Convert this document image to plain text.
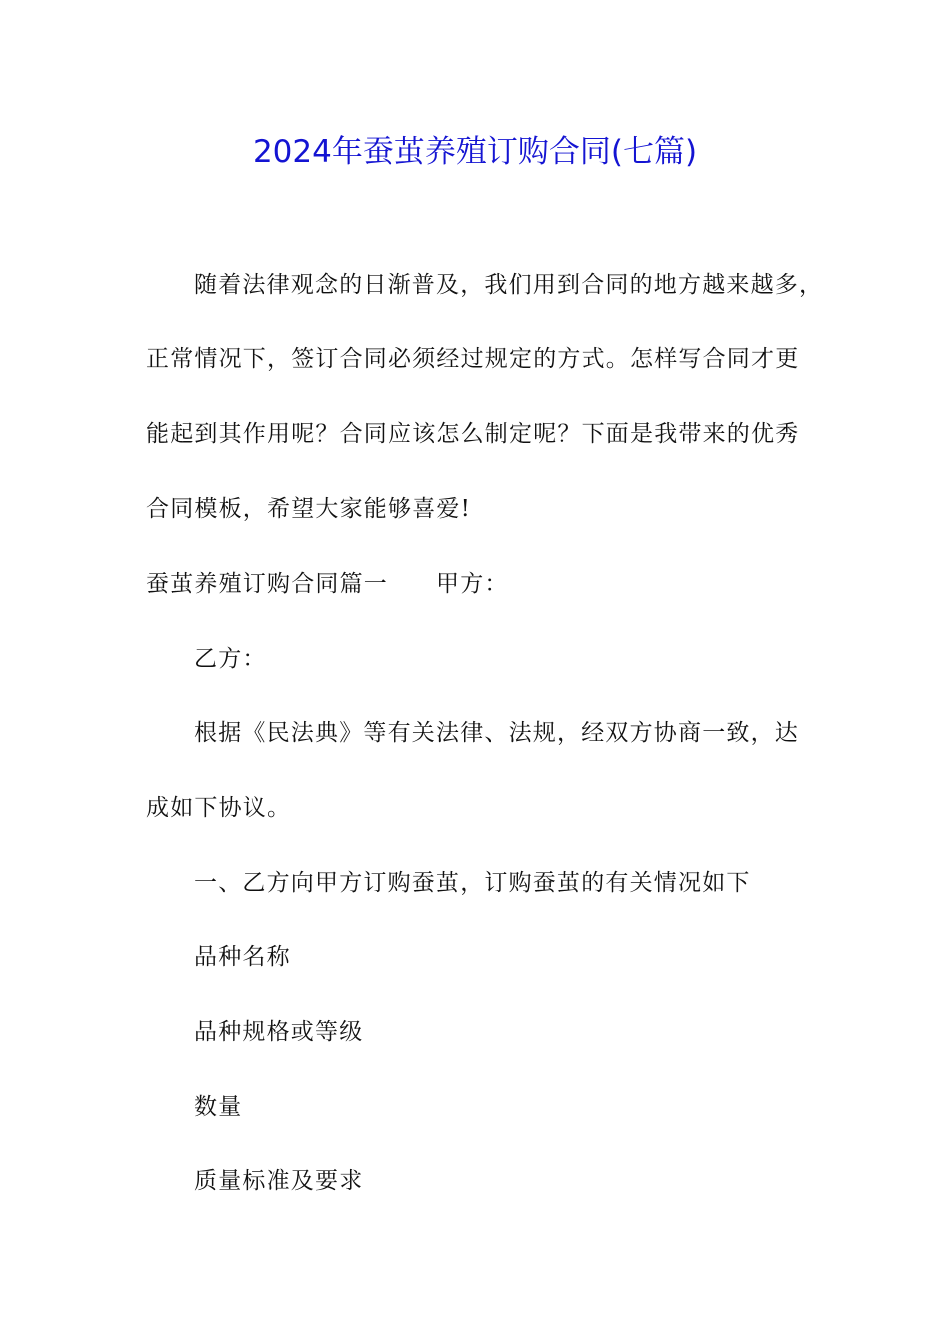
2024年蚕茧养殖订购合同(七篇)
随着法律观念的日渐普及，我们用到合同的地方越来越多，
正常情况下，签订合同必须经过规定的方式。怎样写合同才更
能起到其作用呢？合同应该怎么制定呢？下面是我带来的优秀
合同模板，希望大家能够喜爱!
蚕茧养殖订购合同篇一 甲方：
乙方：
根据《民法典》等有关法律、法规，经双方协商一致，达
成如下协议。
一、乙方向甲方订购蚕茧，订购蚕茧的有关情况如下
品种名称
品种规格或等级
数量
质量标准及要求
